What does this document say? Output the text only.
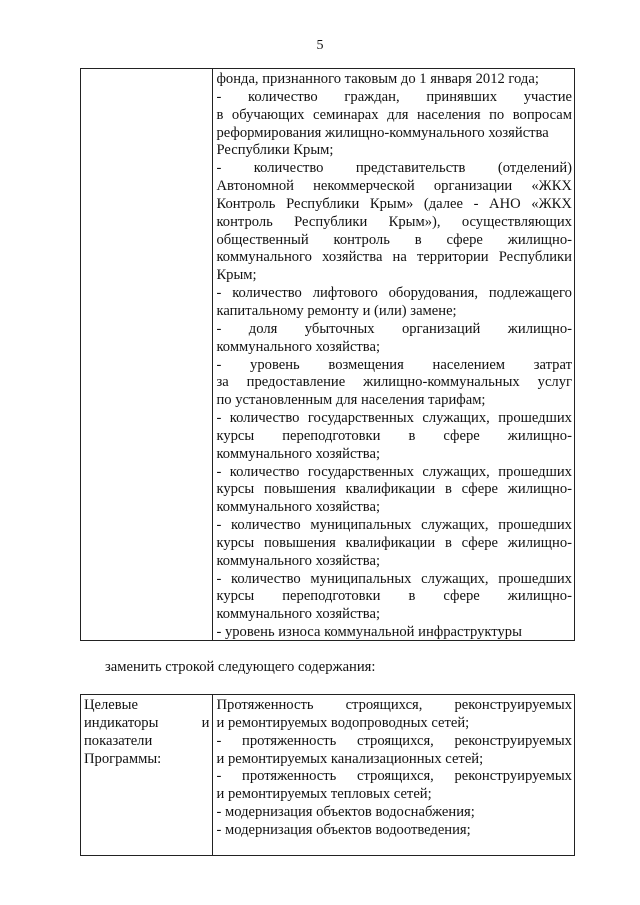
5
фонда, признанного таковым до 1 января 2012 года;
- количество граждан, принявших участие
в обучающих семинарах для населения по вопросам
реформирования жилищно-коммунального хозяйства
Республики Крым;
- количество представительств (отделений)
Автономной некоммерческой организации «ЖКХ
Контроль Республики Крым» (далее - АНО «ЖКХ
контроль Республики Крым»), осуществляющих
общественный контроль в сфере жилищно-
коммунального хозяйства на территории Республики
Крым;
- количество лифтового оборудования, подлежащего
капитальному ремонту и (или) замене;
- доля убыточных организаций жилищно-
коммунального хозяйства;
- уровень возмещения населением затрат
за предоставление жилищно-коммунальных услуг
по установленным для населения тарифам;
- количество государственных служащих, прошедших
курсы переподготовки в сфере жилищно-
коммунального хозяйства;
- количество государственных служащих, прошедших
курсы повышения квалификации в сфере жилищно-
коммунального хозяйства;
- количество муниципальных служащих, прошедших
курсы повышения квалификации в сфере жилищно-
коммунального хозяйства;
- количество муниципальных служащих, прошедших
курсы переподготовки в сфере жилищно-
коммунального хозяйства;
- уровень износа коммунальной инфраструктуры
заменить строкой следующего содержания:
Целевые
индикаторы	и
показатели
Программы:
Протяженность строящихся, реконструируемых
и ремонтируемых водопроводных сетей;
- протяженность строящихся, реконструируемых
и ремонтируемых канализационных сетей;
- протяженность строящихся, реконструируемых
и ремонтируемых тепловых сетей;
- модернизация объектов водоснабжения;
- модернизация объектов водоотведения;
